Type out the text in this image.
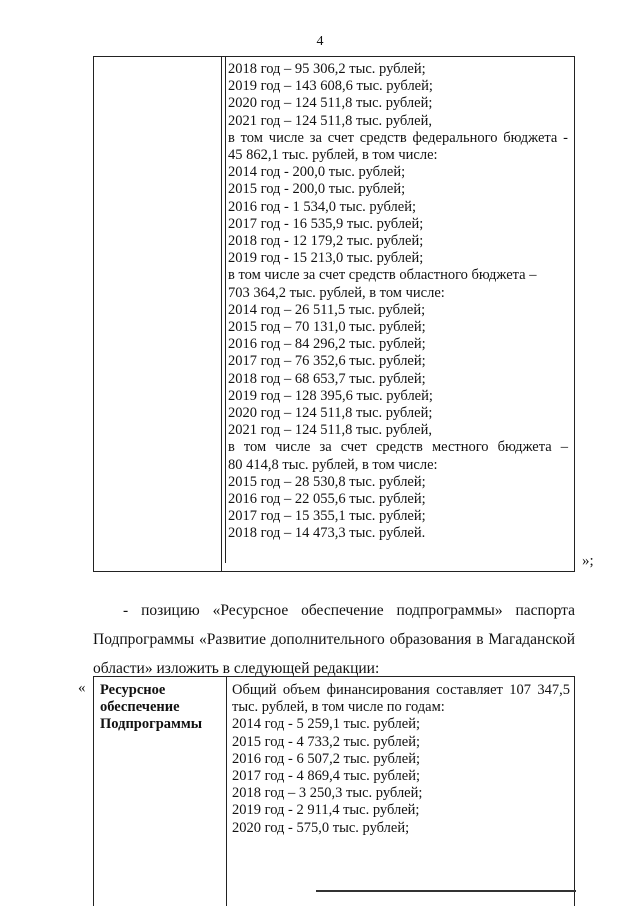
4
2018 год – 95 306,2 тыс. рублей;
2019 год – 143 608,6 тыс. рублей;
2020 год – 124 511,8 тыс. рублей;
2021 год – 124 511,8 тыс. рублей,
в том числе за счет средств федерального бюджета -
45 862,1 тыс. рублей, в том числе:
2014 год - 200,0 тыс. рублей;
2015 год - 200,0 тыс. рублей;
2016 год - 1 534,0 тыс. рублей;
2017 год - 16 535,9 тыс. рублей;
2018 год - 12 179,2 тыс. рублей;
2019 год - 15 213,0 тыс. рублей;
в том числе за счет средств областного бюджета –
703 364,2 тыс. рублей, в том числе:
2014 год – 26 511,5 тыс. рублей;
2015 год – 70 131,0 тыс. рублей;
2016 год – 84 296,2 тыс. рублей;
2017 год – 76 352,6 тыс. рублей;
2018 год – 68 653,7 тыс. рублей;
2019 год – 128 395,6 тыс. рублей;
2020 год – 124 511,8 тыс. рублей;
2021 год – 124 511,8 тыс. рублей,
в том числе за счет средств местного бюджета –
80 414,8 тыс. рублей, в том числе:
2015 год – 28 530,8 тыс. рублей;
2016 год – 22 055,6 тыс. рублей;
2017 год – 15 355,1 тыс. рублей;
2018 год – 14 473,3 тыс. рублей.
»;
- позицию «Ресурсное обеспечение подпрограммы» паспорта
Подпрограммы «Развитие дополнительного образования в Магаданской
области» изложить в следующей редакции:
« Ресурсное
обеспечение
Подпрограммы
Общий объем финансирования составляет 107 347,5
тыс. рублей, в том числе по годам:
2014 год - 5 259,1 тыс. рублей;
2015 год - 4 733,2 тыс. рублей;
2016 год - 6 507,2 тыс. рублей;
2017 год - 4 869,4 тыс. рублей;
2018 год – 3 250,3 тыс. рублей;
2019 год - 2 911,4 тыс. рублей;
2020 год - 575,0 тыс. рублей;
